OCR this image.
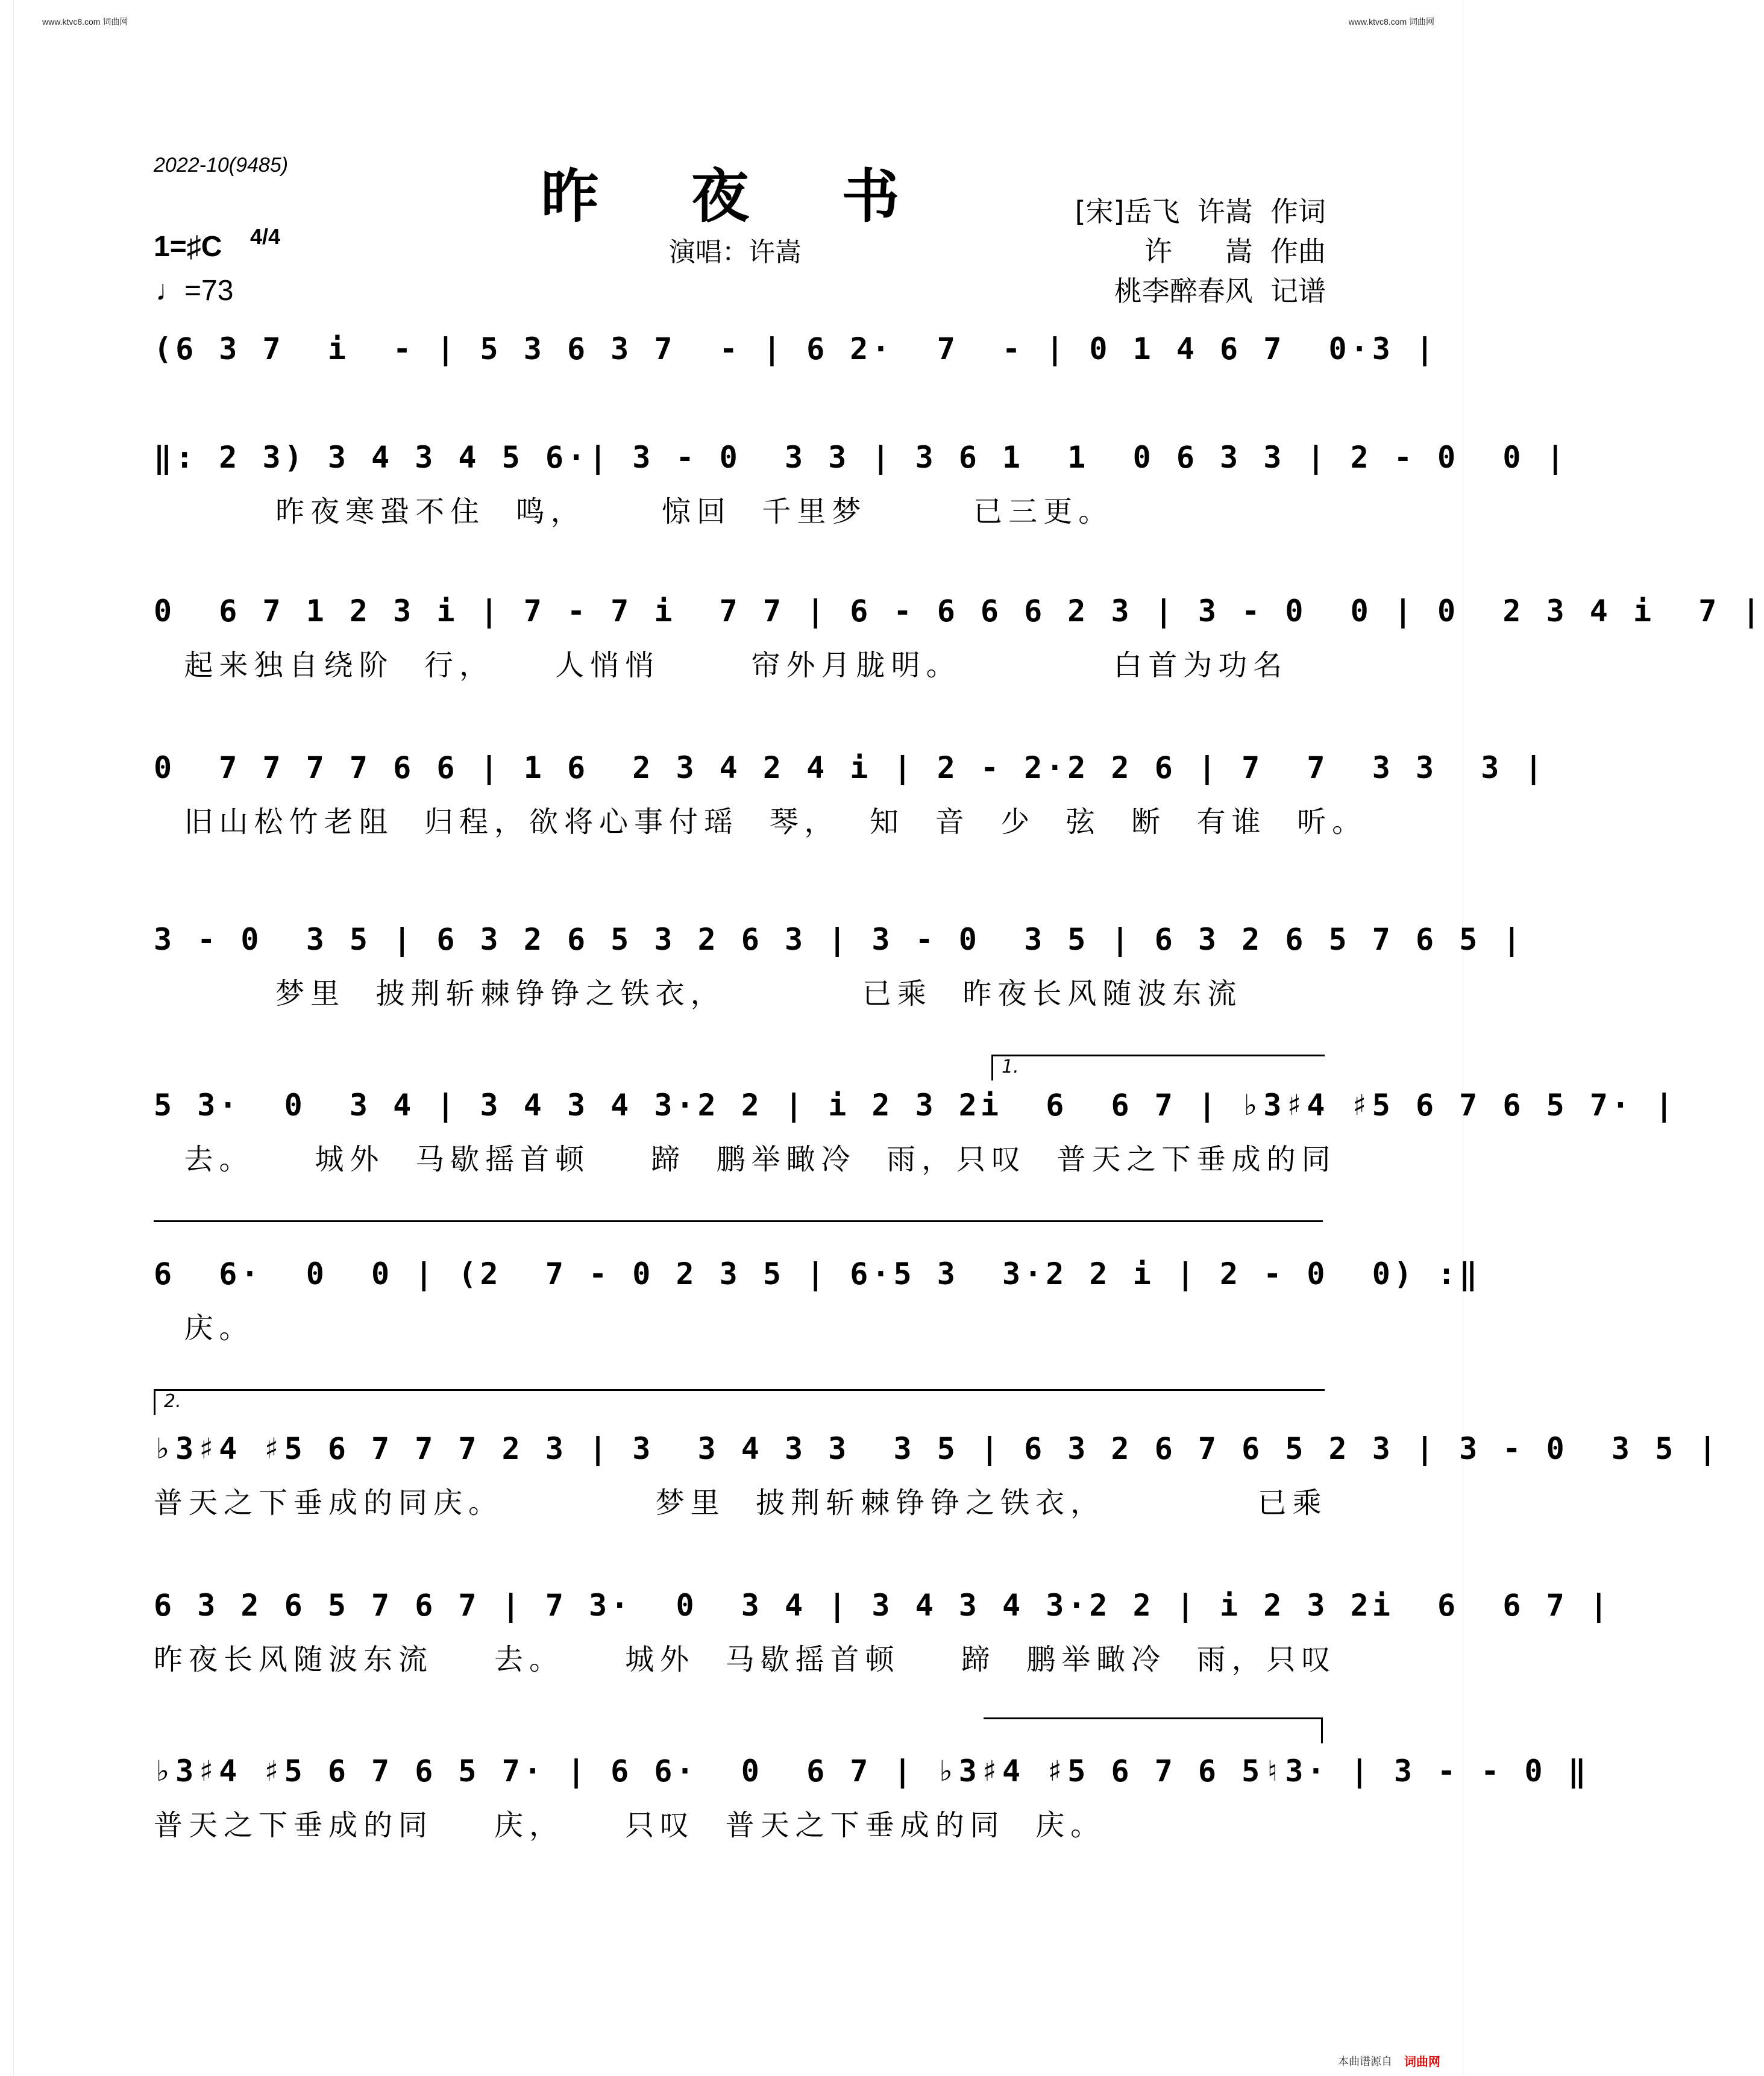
www.ktvc8.com 词曲网	www.ktvc8.com 词曲网
2022-10(9485)	昨 夜 书
1=♯C 4/4
♩=73
演唱：许嵩
[宋]岳飞  许嵩  作词
许      嵩  作曲
桃李醉春风  记谱
(6 3 7  i  - | 5 3 6 3 7  - | 6 2·  7  - | 0 1 4 6 7  0·3 |
‖: 2 3) 3 4 3 4 5 6·| 3 - 0  3 3 | 3 6 1  1  0 6 3 3 | 2 - 0  0 |
昨夜寒蛩不住  鸣，     惊回  千里梦       已三更。
0  6 7 1 2 3 i | 7 - 7 i  7 7 | 6 - 6 6 6 2 3 | 3 - 0  0 | 0  2 3 4 i  7 |
起来独自绕阶  行，    人悄悄      帘外月胧明。          白首为功名
0  7 7 7 7 6 6 | 1 6  2 3 4 2 4 i | 2 - 2·2 2 6 | 7  7  3 3  3 |
旧山松竹老阻  归程，欲将心事付瑶  琴，  知  音  少  弦  断  有谁  听。
3 - 0  3 5 | 6 3 2 6 5 3 2 6 3 | 3 - 0  3 5 | 6 3 2 6 5 7 6 5 |
梦里  披荆斩棘铮铮之铁衣，         已乘  昨夜长风随波东流
1.
5 3·  0  3 4 | 3 4 3 4 3·2 2 | i 2 3 2i  6  6 7 | ♭3♯4 ♯5 6 7 6 5 7· |
去。    城外  马歇摇首顿    蹄  鹏举瞰冷  雨，只叹  普天之下垂成的同
6  6·  0  0 | (2  7 - 0 2 3 5 | 6·5 3  3·2 2 i | 2 - 0  0) :‖
庆。
2.
♭3♯4 ♯5 6 7 7 7 2 3 | 3  3 4 3 3  3 5 | 6 3 2 6 7 6 5 2 3 | 3 - 0  3 5 |
普天之下垂成的同庆。          梦里  披荆斩棘铮铮之铁衣，          已乘
6 3 2 6 5 7 6 7 | 7 3·  0  3 4 | 3 4 3 4 3·2 2 | i 2 3 2i  6  6 7 |
昨夜长风随波东流    去。    城外  马歇摇首顿    蹄  鹏举瞰冷  雨，只叹
♭3♯4 ♯5 6 7 6 5 7· | 6 6·  0  6 7 | ♭3♯4 ♯5 6 7 6 5♮3· | 3 - - 0 ‖
普天之下垂成的同    庆，    只叹  普天之下垂成的同  庆。
本曲谱源自 词曲网
